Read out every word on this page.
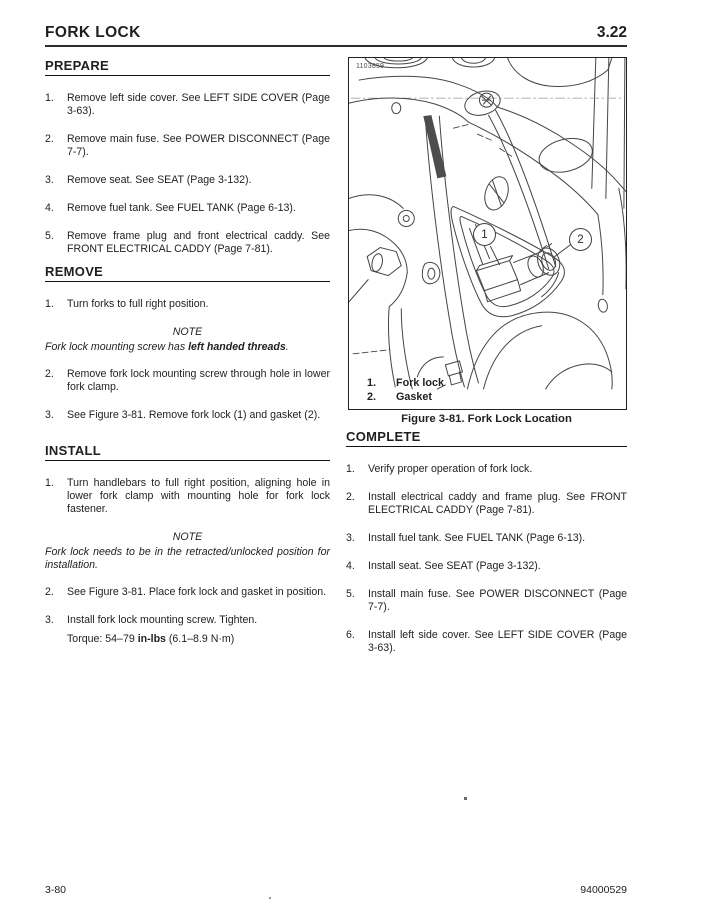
FORK LOCK	3.22
PREPARE
1.	Remove left side cover. See LEFT SIDE COVER (Page 3-63).
2.	Remove main fuse. See POWER DISCONNECT (Page 7-7).
3.	Remove seat. See SEAT (Page 3-132).
4.	Remove fuel tank. See FUEL TANK (Page 6-13).
5.	Remove frame plug and front electrical caddy. See FRONT ELECTRICAL CADDY (Page 7-81).
REMOVE
1.	Turn forks to full right position.
NOTE
Fork lock mounting screw has left handed threads.
2.	Remove fork lock mounting screw through hole in lower fork clamp.
3.	See Figure 3-81. Remove fork lock (1) and gasket (2).
INSTALL
1.	Turn handlebars to full right position, aligning hole in lower fork clamp with mounting hole for fork lock fastener.
NOTE
Fork lock needs to be in the retracted/unlocked position for installation.
2.	See Figure 3-81. Place fork lock and gasket in position.
3.	Install fork lock mounting screw. Tighten.
Torque: 54–79 in-lbs (6.1–8.9 N·m)
1103859
1	2
1.	Fork lock
2.	Gasket
Figure 3-81. Fork Lock Location
COMPLETE
1.	Verify proper operation of fork lock.
2.	Install electrical caddy and frame plug. See FRONT ELECTRICAL CADDY (Page 7-81).
3.	Install fuel tank. See FUEL TANK (Page 6-13).
4.	Install seat. See SEAT (Page 3-132).
5.	Install main fuse. See POWER DISCONNECT (Page 7-7).
6.	Install left side cover. See LEFT SIDE COVER (Page 3-63).
3-80	94000529
